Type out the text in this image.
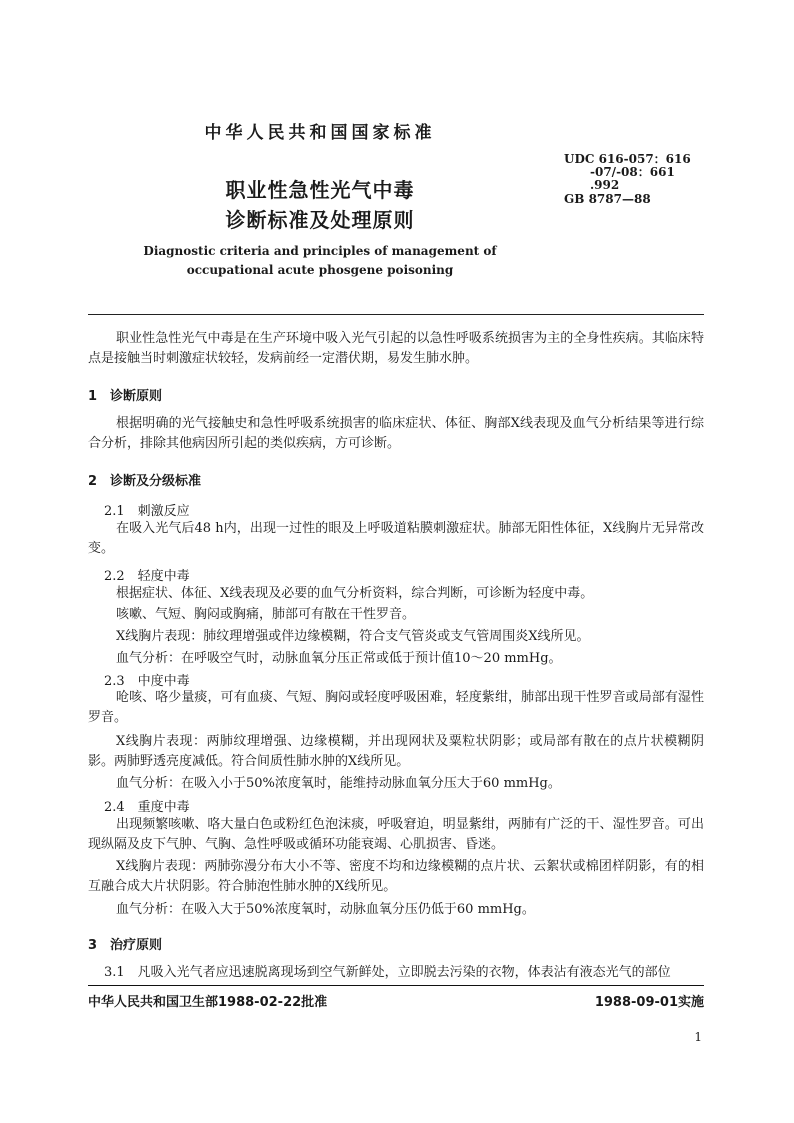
中华人民共和国国家标准
UDC 616-057：616
-07/-08：661
.992
GB 8787—88
职业性急性光气中毒
诊断标准及处理原则
Diagnostic criteria and principles of management of
occupational acute phosgene poisoning
职业性急性光气中毒是在生产环境中吸入光气引起的以急性呼吸系统损害为主的全身性疾病。其临床特点是接触当时刺激症状较轻，发病前经一定潜伏期，易发生肺水肿。
1　诊断原则
根据明确的光气接触史和急性呼吸系统损害的临床症状、体征、胸部X线表现及血气分析结果等进行综合分析，排除其他病因所引起的类似疾病，方可诊断。
2　诊断及分级标准
2.1　刺激反应
在吸入光气后48 h内，出现一过性的眼及上呼吸道粘膜刺激症状。肺部无阳性体征，X线胸片无异常改变。
2.2　轻度中毒
根据症状、体征、X线表现及必要的血气分析资料，综合判断，可诊断为轻度中毒。
咳嗽、气短、胸闷或胸痛，肺部可有散在干性罗音。
X线胸片表现：肺纹理增强或伴边缘模糊，符合支气管炎或支气管周围炎X线所见。
血气分析：在呼吸空气时，动脉血氧分压正常或低于预计值10～20 mmHg。
2.3　中度中毒
呛咳、咯少量痰，可有血痰、气短、胸闷或轻度呼吸困难，轻度紫绀，肺部出现干性罗音或局部有湿性罗音。
X线胸片表现：两肺纹理增强、边缘模糊，并出现网状及粟粒状阴影；或局部有散在的点片状模糊阴影。两肺野透亮度减低。符合间质性肺水肿的X线所见。
血气分析：在吸入小于50%浓度氧时，能维持动脉血氧分压大于60 mmHg。
2.4　重度中毒
出现频繁咳嗽、咯大量白色或粉红色泡沫痰，呼吸窘迫，明显紫绀，两肺有广泛的干、湿性罗音。可出现纵隔及皮下气肿、气胸、急性呼吸或循环功能衰竭、心肌损害、昏迷。
X线胸片表现：两肺弥漫分布大小不等、密度不均和边缘模糊的点片状、云絮状或棉团样阴影，有的相互融合成大片状阴影。符合肺泡性肺水肿的X线所见。
血气分析：在吸入大于50%浓度氧时，动脉血氧分压仍低于60 mmHg。
3　治疗原则
3.1　凡吸入光气者应迅速脱离现场到空气新鲜处，立即脱去污染的衣物，体表沾有液态光气的部位
中华人民共和国卫生部1988-02-22批准	1988-09-01实施
1
